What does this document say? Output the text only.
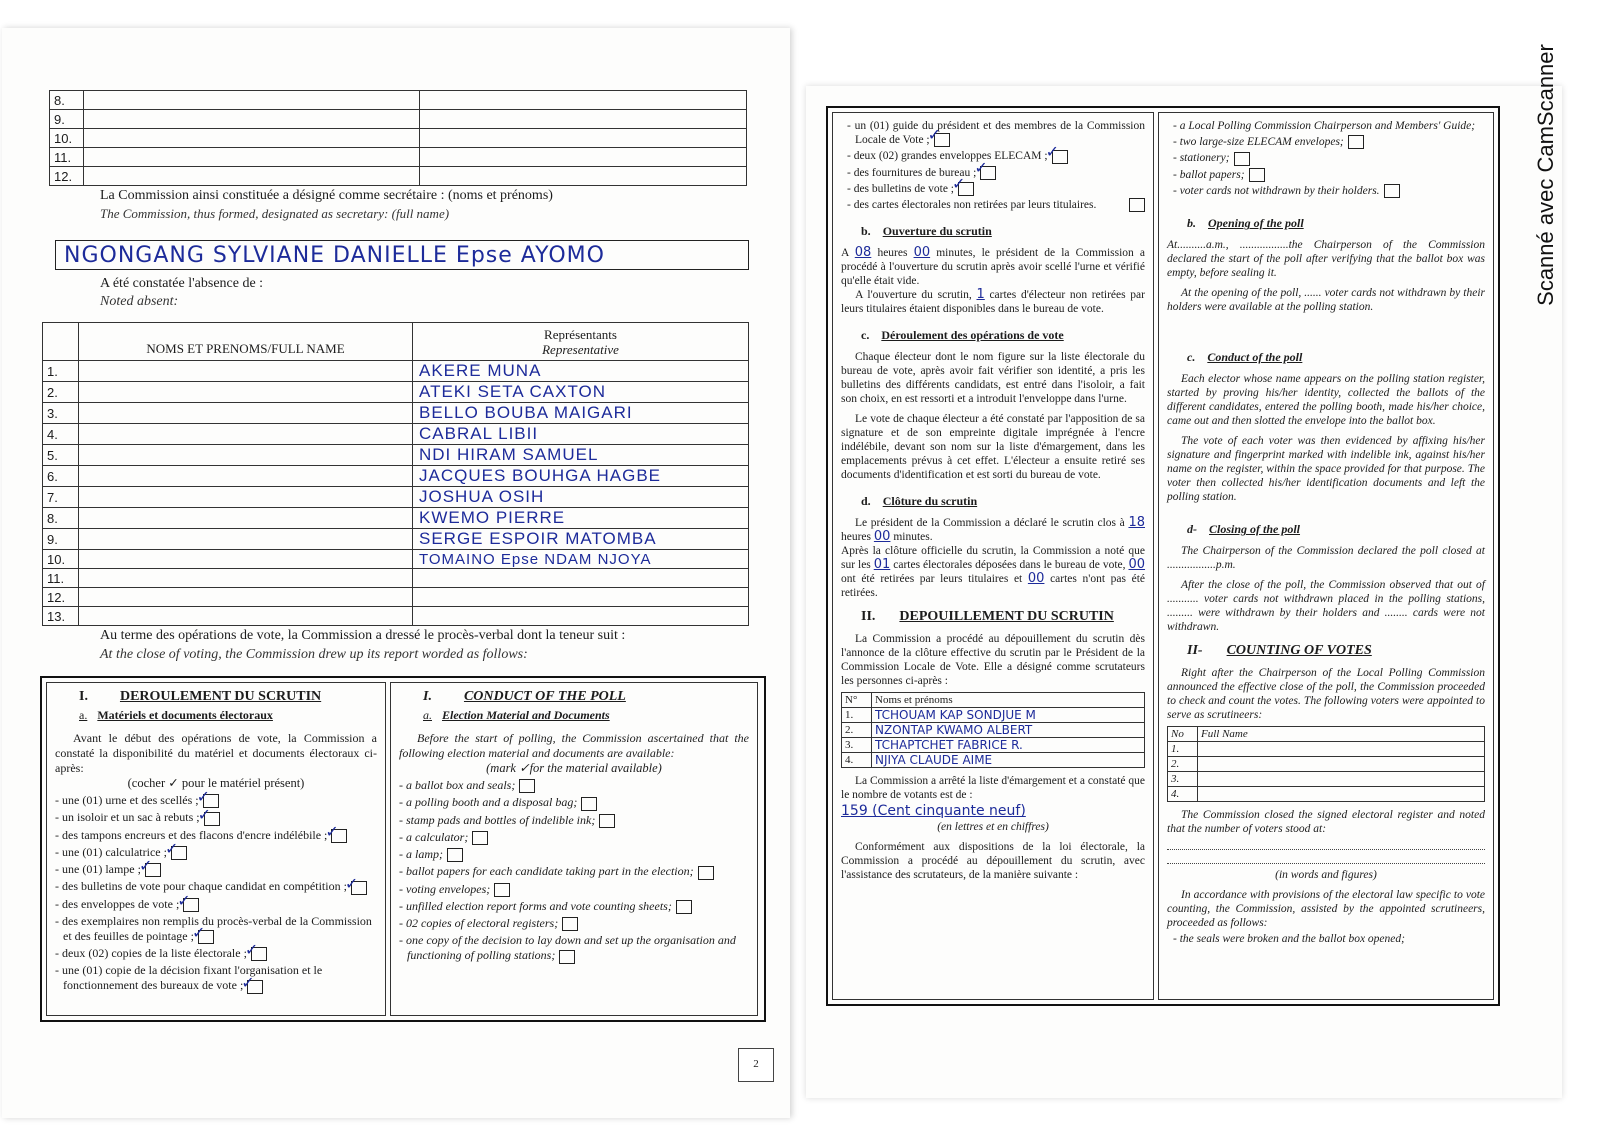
8.		
9.		
10.		
11.		
12.		
La Commission ainsi constituée a désigné comme secrétaire : (noms et prénoms)
The Commission, thus formed, designated as secretary: (full name)
NGONGANG SYLVIANE DANIELLE Epse AYOMO
A été constatée l'absence de :
Noted absent:
	NOMS ET PRENOMS/FULL NAME	Représentants
Representative

1.		AKERE MUNA
2.		ATEKI SETA CAXTON
3.		BELLO BOUBA MAIGARI
4.		CABRAL LIBII
5.		NDI HIRAM SAMUEL
6.		JACQUES BOUHGA HAGBE
7.		JOSHUA OSIH
8.		KWEMO PIERRE
9.		SERGE ESPOIR MATOMBA
10.		TOMAINO Epse NDAM NJOYA
11.		
12.		
13.		
Au terme des opérations de vote, la Commission a dressé le procès-verbal dont la teneur suit :
At the close of voting, the Commission drew up its report worded as follows:
I. DEROULEMENT DU SCRUTIN
a. Matériels et documents électoraux
Avant le début des opérations de vote, la Commission a constaté la disponibilité du matériel et documents électoraux ci-après:
(cocher ✓ pour le matériel présent)
- une (01) urne et des scellés ;✓
- un isoloir et un sac à rebuts ;✓
- des tampons encreurs et des flacons d'encre indélébile ;✓
- une (01) calculatrice ;✓
- une (01) lampe ;✓
- des bulletins de vote pour chaque candidat en compétition ;✓
- des enveloppes de vote ;✓
- des exemplaires non remplis du procès-verbal de la Commission et des feuilles de pointage ;✓
- deux (02) copies de la liste électorale ;✓
- une (01) copie de la décision fixant l'organisation et le fonctionnement des bureaux de vote ;✓
I. CONDUCT OF THE POLL
a. Election Material and Documents
Before the start of polling, the Commission ascertained that the following election material and documents are available:
(mark ✓for the material available)
- a ballot box and seals;
- a polling booth and a disposal bag;
- stamp pads and bottles of indelible ink;
- a calculator;
- a lamp;
- ballot papers for each candidate taking part in the election;
- voting envelopes;
- unfilled election report forms and vote counting sheets;
- 02 copies of electoral registers;
- one copy of the decision to lay down and set up the organisation and functioning of polling stations;
2
- un (01) guide du président et des membres de la Commission Locale de Vote ;✓
- deux (02) grandes enveloppes ELECAM ;✓
- des fournitures de bureau ;✓
- des bulletins de vote ;✓
- des cartes électorales non retirées par leurs titulaires.
b. Ouverture du scrutin

A 08 heures 00 minutes, le président de la Commission a procédé à l'ouverture du scrutin après avoir scellé l'urne et vérifié qu'elle était vide.
A l'ouverture du scrutin, 1 cartes d'électeur non retirées par leurs titulaires étaient disponibles dans le bureau de vote.

c. Déroulement des opérations de vote

Chaque électeur dont le nom figure sur la liste électorale du bureau de vote, après avoir fait vérifier son identité, a pris les bulletins des différents candidats, est entré dans l'isoloir, a fait son choix, en est ressorti et a introduit l'enveloppe dans l'urne.

Le vote de chaque électeur a été constaté par l'apposition de sa signature et de son empreinte digitale imprégnée à l'encre indélébile, devant son nom sur la liste d'émargement, dans les emplacements prévus à cet effet. L'électeur a ensuite retiré ses documents d'identification et est sorti du bureau de vote.

d. Clôture du scrutin

Le président de la Commission a déclaré le scrutin clos à 18 heures 00 minutes.
Après la clôture officielle du scrutin, la Commission a noté que sur les 01 cartes électorales déposées dans le bureau de vote, 00 ont été retirées par leurs titulaires et 00 cartes n'ont pas été retirées.

II. DEPOUILLEMENT DU SCRUTIN

La Commission a procédé au dépouillement du scrutin dès l'annonce de la clôture effective du scrutin par le Président de la Commission Locale de Vote. Elle a désigné comme scrutateurs les personnes ci-après :

N°	Noms et prénoms
1.	TCHOUAM KAP SONDJUE M
2.	NZONTAP KWAMO ALBERT
3.	TCHAPTCHET FABRICE R.
4.	NJIYA CLAUDE AIME

La Commission a arrêté la liste d'émargement et a constaté que le nombre de votants est de :

159 (Cent cinquante neuf)
(en lettres et en chiffres)

Conformément aux dispositions de la loi électorale, la Commission a procédé au dépouillement du scrutin, avec l'assistance des scrutateurs, de la manière suivante :

- a Local Polling Commission Chairperson and Members' Guide;
- two large-size ELECAM envelopes;
- stationery;
- ballot papers;
- voter cards not withdrawn by their holders.
b. Opening of the poll

At..........a.m., .................the Chairperson of the Commission declared the start of the poll after verifying that the ballot box was empty, before sealing it.

At the opening of the poll, ...... voter cards not withdrawn by their holders were available at the polling station.

c. Conduct of the poll

Each elector whose name appears on the polling station register, started by proving his/her identity, collected the ballots of the different candidates, entered the polling booth, made his/her choice, came out and then slotted the envelope into the ballot box.

The vote of each voter was then evidenced by affixing his/her signature and fingerprint marked with indelible ink, against his/her name on the register, within the space provided for that purpose. The voter then collected his/her identification documents and left the polling station.

d- Closing of the poll

The Chairperson of the Commission declared the poll closed at .................p.m.

After the close of the poll, the Commission observed that out of ........... voter cards not withdrawn placed in the polling stations, ......... were withdrawn by their holders and ........ cards were not withdrawn.

II- COUNTING OF VOTES

Right after the Chairperson of the Local Polling Commission announced the effective close of the poll, the Commission proceeded to check and count the votes. The following voters were appointed to serve as scrutineers:

No	Full Name
1.	
2.	
3.	
4.	

The Commission closed the signed electoral register and noted that the number of voters stood at:

(in words and figures)

In accordance with provisions of the electoral law specific to vote counting, the Commission, assisted by the appointed scrutineers, proceeded as follows:

- the seals were broken and the ballot box opened;
Scanné avec CamScanner
